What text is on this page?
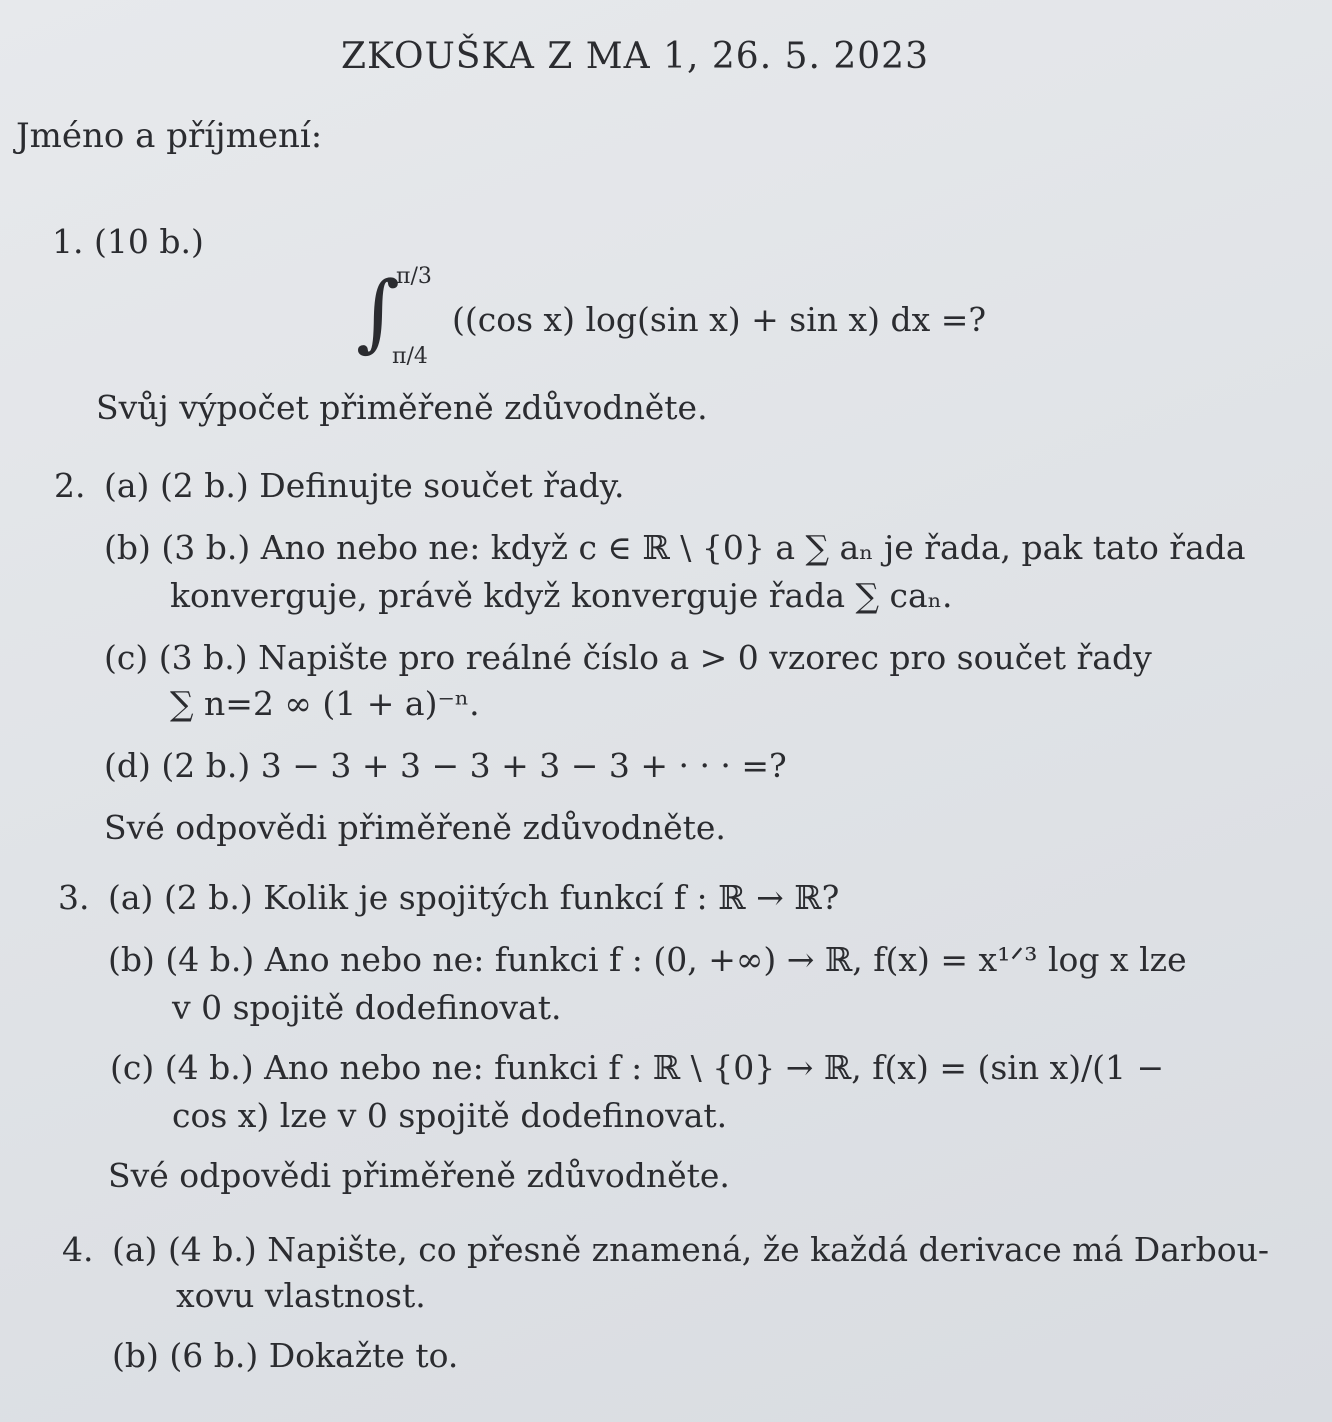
ZKOUŠKA Z MA 1, 26. 5. 2023
Jméno a příjmení:
1. (10 b.)
∫
π/3
π/4
((cos x) log(sin x) + sin x) dx =?
Svůj výpočet přiměřeně zdůvodněte.
2. (a) (2 b.) Definujte součet řady.
(b) (3 b.) Ano nebo ne: když c ∈ ℝ \ {0} a ∑ aₙ je řada, pak tato řada
konverguje, právě když konverguje řada ∑ caₙ.
(c) (3 b.) Napište pro reálné číslo a > 0 vzorec pro součet řady
∑ n=2 ∞ (1 + a)⁻ⁿ.
(d) (2 b.) 3 − 3 + 3 − 3 + 3 − 3 + · · · =?
Své odpovědi přiměřeně zdůvodněte.
3. (a) (2 b.) Kolik je spojitých funkcí f : ℝ → ℝ?
(b) (4 b.) Ano nebo ne: funkci f : (0, +∞) → ℝ, f(x) = x¹ᐟ³ log x lze
v 0 spojitě dodefinovat.
(c) (4 b.) Ano nebo ne: funkci f : ℝ \ {0} → ℝ, f(x) = (sin x)/(1 −
cos x) lze v 0 spojitě dodefinovat.
Své odpovědi přiměřeně zdůvodněte.
4. (a) (4 b.) Napište, co přesně znamená, že každá derivace má Darbou-
xovu vlastnost.
(b) (6 b.) Dokažte to.
